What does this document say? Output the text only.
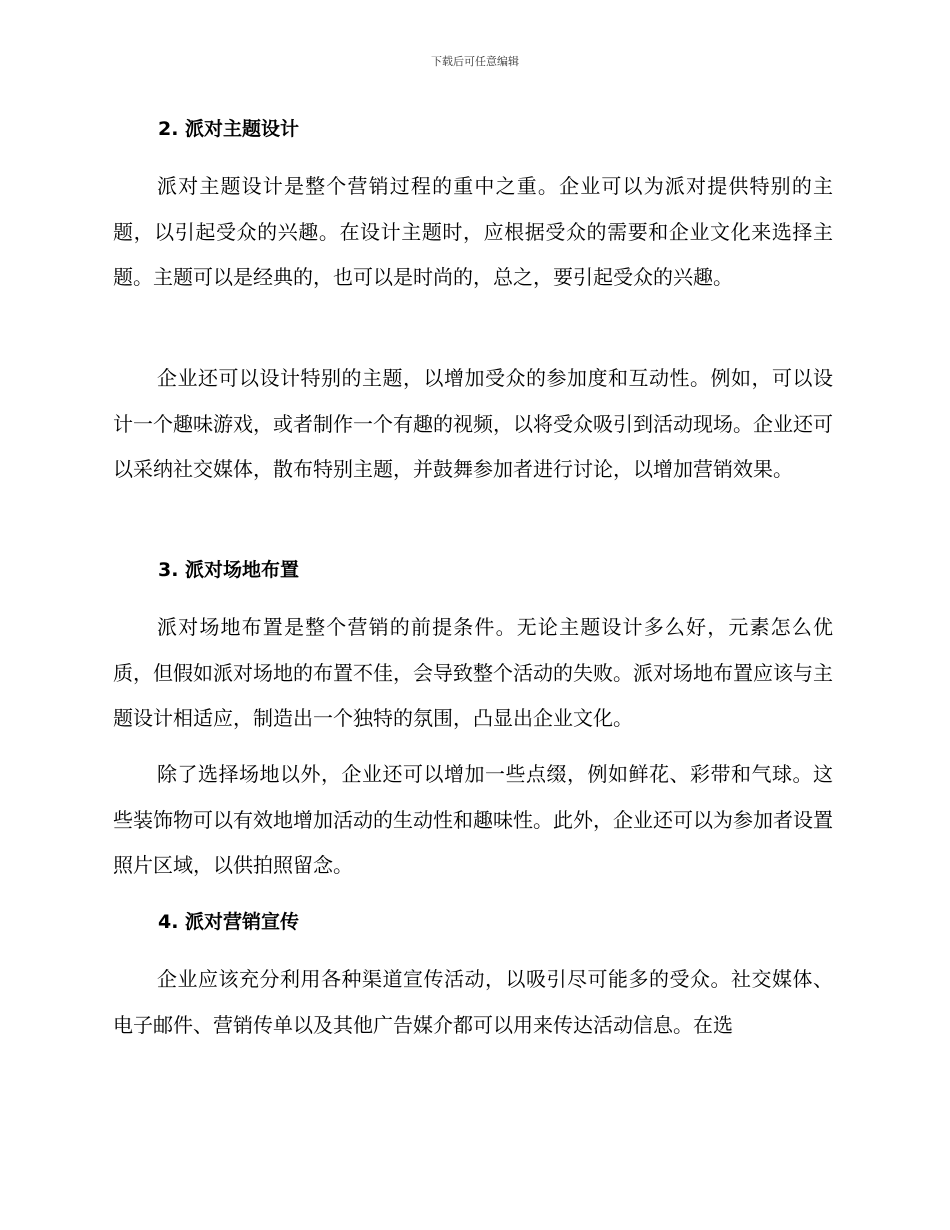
下载后可任意编辑
2. 派对主题设计
派对主题设计是整个营销过程的重中之重。企业可以为派对提供特别的主题，以引起受众的兴趣。在设计主题时，应根据受众的需要和企业文化来选择主题。主题可以是经典的，也可以是时尚的，总之，要引起受众的兴趣。
企业还可以设计特别的主题，以增加受众的参加度和互动性。例如，可以设计一个趣味游戏，或者制作一个有趣的视频，以将受众吸引到活动现场。企业还可以采纳社交媒体，散布特别主题，并鼓舞参加者进行讨论，以增加营销效果。
3. 派对场地布置
派对场地布置是整个营销的前提条件。无论主题设计多么好，元素怎么优质，但假如派对场地的布置不佳，会导致整个活动的失败。派对场地布置应该与主题设计相适应，制造出一个独特的氛围，凸显出企业文化。
除了选择场地以外，企业还可以增加一些点缀，例如鲜花、彩带和气球。这些装饰物可以有效地增加活动的生动性和趣味性。此外，企业还可以为参加者设置照片区域，以供拍照留念。
4. 派对营销宣传
企业应该充分利用各种渠道宣传活动，以吸引尽可能多的受众。社交媒体、电子邮件、营销传单以及其他广告媒介都可以用来传达活动信息。在选
